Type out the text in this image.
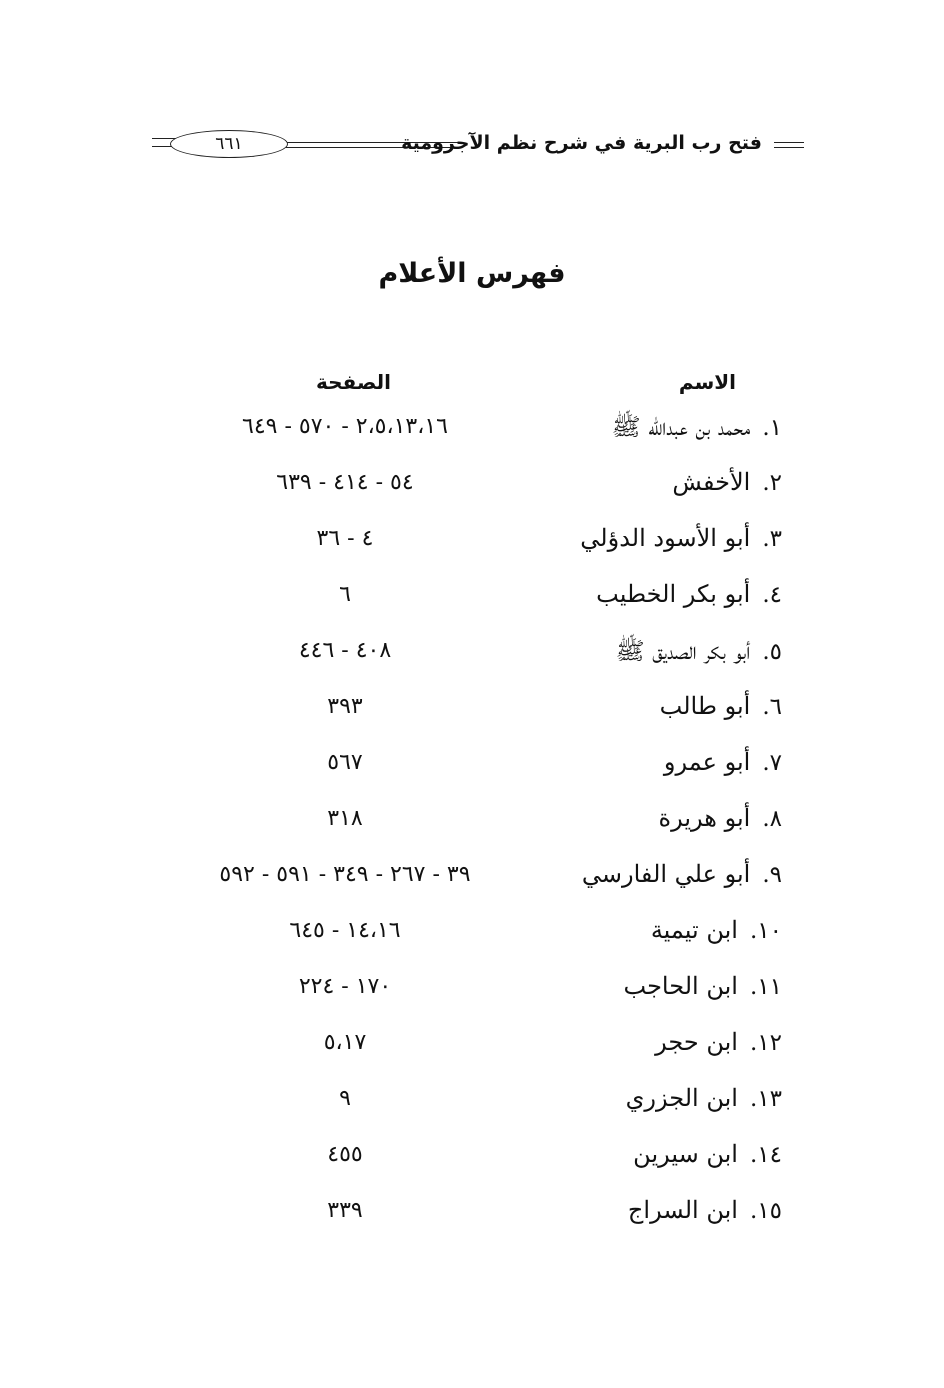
٦٦١	فتح رب البرية في شرح نظم الآجرومية
فهرس الأعلام
الاسم
الصفحة
١.
محمد بن عبدالله ﷺ
٢،٥،١٣،١٦ - ٥٧٠ - ٦٤٩
٢.
الأخفش
٥٤ - ٤١٤ - ٦٣٩
٣.
أبو الأسود الدؤلي
٤ - ٣٦
٤.
أبو بكر الخطيب
٦
٥.
أبو بكر الصديق ﷺ
٤٠٨ - ٤٤٦
٦.
أبو طالب
٣٩٣
٧.
أبو عمرو
٥٦٧
٨.
أبو هريرة
٣١٨
٩.
أبو علي الفارسي
٣٩ - ٢٦٧ - ٣٤٩ - ٥٩١ - ٥٩٢
١٠.
ابن تيمية
١٤،١٦ - ٦٤٥
١١.
ابن الحاجب
١٧٠ - ٢٢٤
١٢.
ابن حجر
٥،١٧
١٣.
ابن الجزري
٩
١٤.
ابن سيرين
٤٥٥
١٥.
ابن السراج
٣٣٩
